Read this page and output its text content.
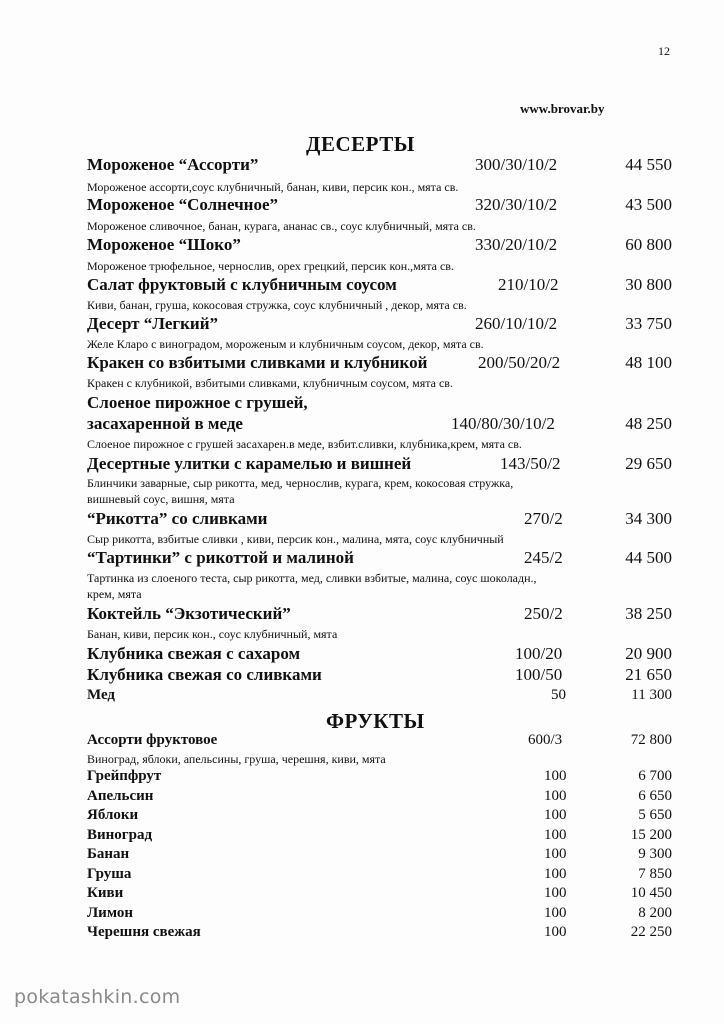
12
www.brovar.by
ДЕСЕРТЫ
Мороженое “Ассорти”	300/30/10/2	44 550
Мороженое ассорти,соус клубничный, банан, киви, персик кон., мята св.
Мороженое “Солнечное”	320/30/10/2	43 500
Мороженое сливочное, банан, курага, ананас св., соус клубничный, мята св.
Мороженое “Шоко”	330/20/10/2	60 800
Мороженое трюфельное, чернослив, орех грецкий, персик кон.,мята св.
Салат фруктовый с клубничным соусом	210/10/2	30 800
Киви, банан, груша, кокосовая стружка, соус клубничный , декор, мята св.
Десерт “Легкий”	260/10/10/2	33 750
Желе Кларо с виноградом, мороженым и клубничным соусом, декор, мята св.
Кракен со взбитыми сливками и клубникой	200/50/20/2	48 100
Кракен с клубникой, взбитыми сливками, клубничным соусом, мята св.
Слоеное пирожное с грушей,
засахаренной в меде	140/80/30/10/2	48 250
Слоеное пирожное с грушей засахарен.в меде, взбит.сливки, клубника,крем, мята св.
Десертные улитки с карамелью и вишней	143/50/2	29 650
Блинчики заварные, сыр рикотта, мед, чернослив, курага, крем, кокосовая стружка,
вишневый соус, вишня, мята
“Рикотта” со сливками	270/2	34 300
Сыр рикотта, взбитые сливки , киви, персик кон., малина, мята, соус клубничный
“Тартинки” с рикоттой и малиной	245/2	44 500
Тартинка из слоеного теста, сыр рикотта, мед, сливки взбитые, малина, соус шоколадн.,
крем, мята
Коктейль “Экзотический”	250/2	38 250
Банан, киви, персик кон., соус клубничный, мята
Клубника свежая с сахаром	100/20	20 900
Клубника свежая со сливками	100/50	21 650
Мед	50	11 300
ФРУКТЫ
Ассорти фруктовое	600/3	72 800
Виноград, яблоки, апельсины, груша, черешня, киви, мята
Грейпфрут	100	6 700
Апельсин	100	6 650
Яблоки	100	5 650
Виноград	100	15 200
Банан	100	9 300
Груша	100	7 850
Киви	100	10 450
Лимон	100	8 200
Черешня свежая	100	22 250
pokatashkin.com
